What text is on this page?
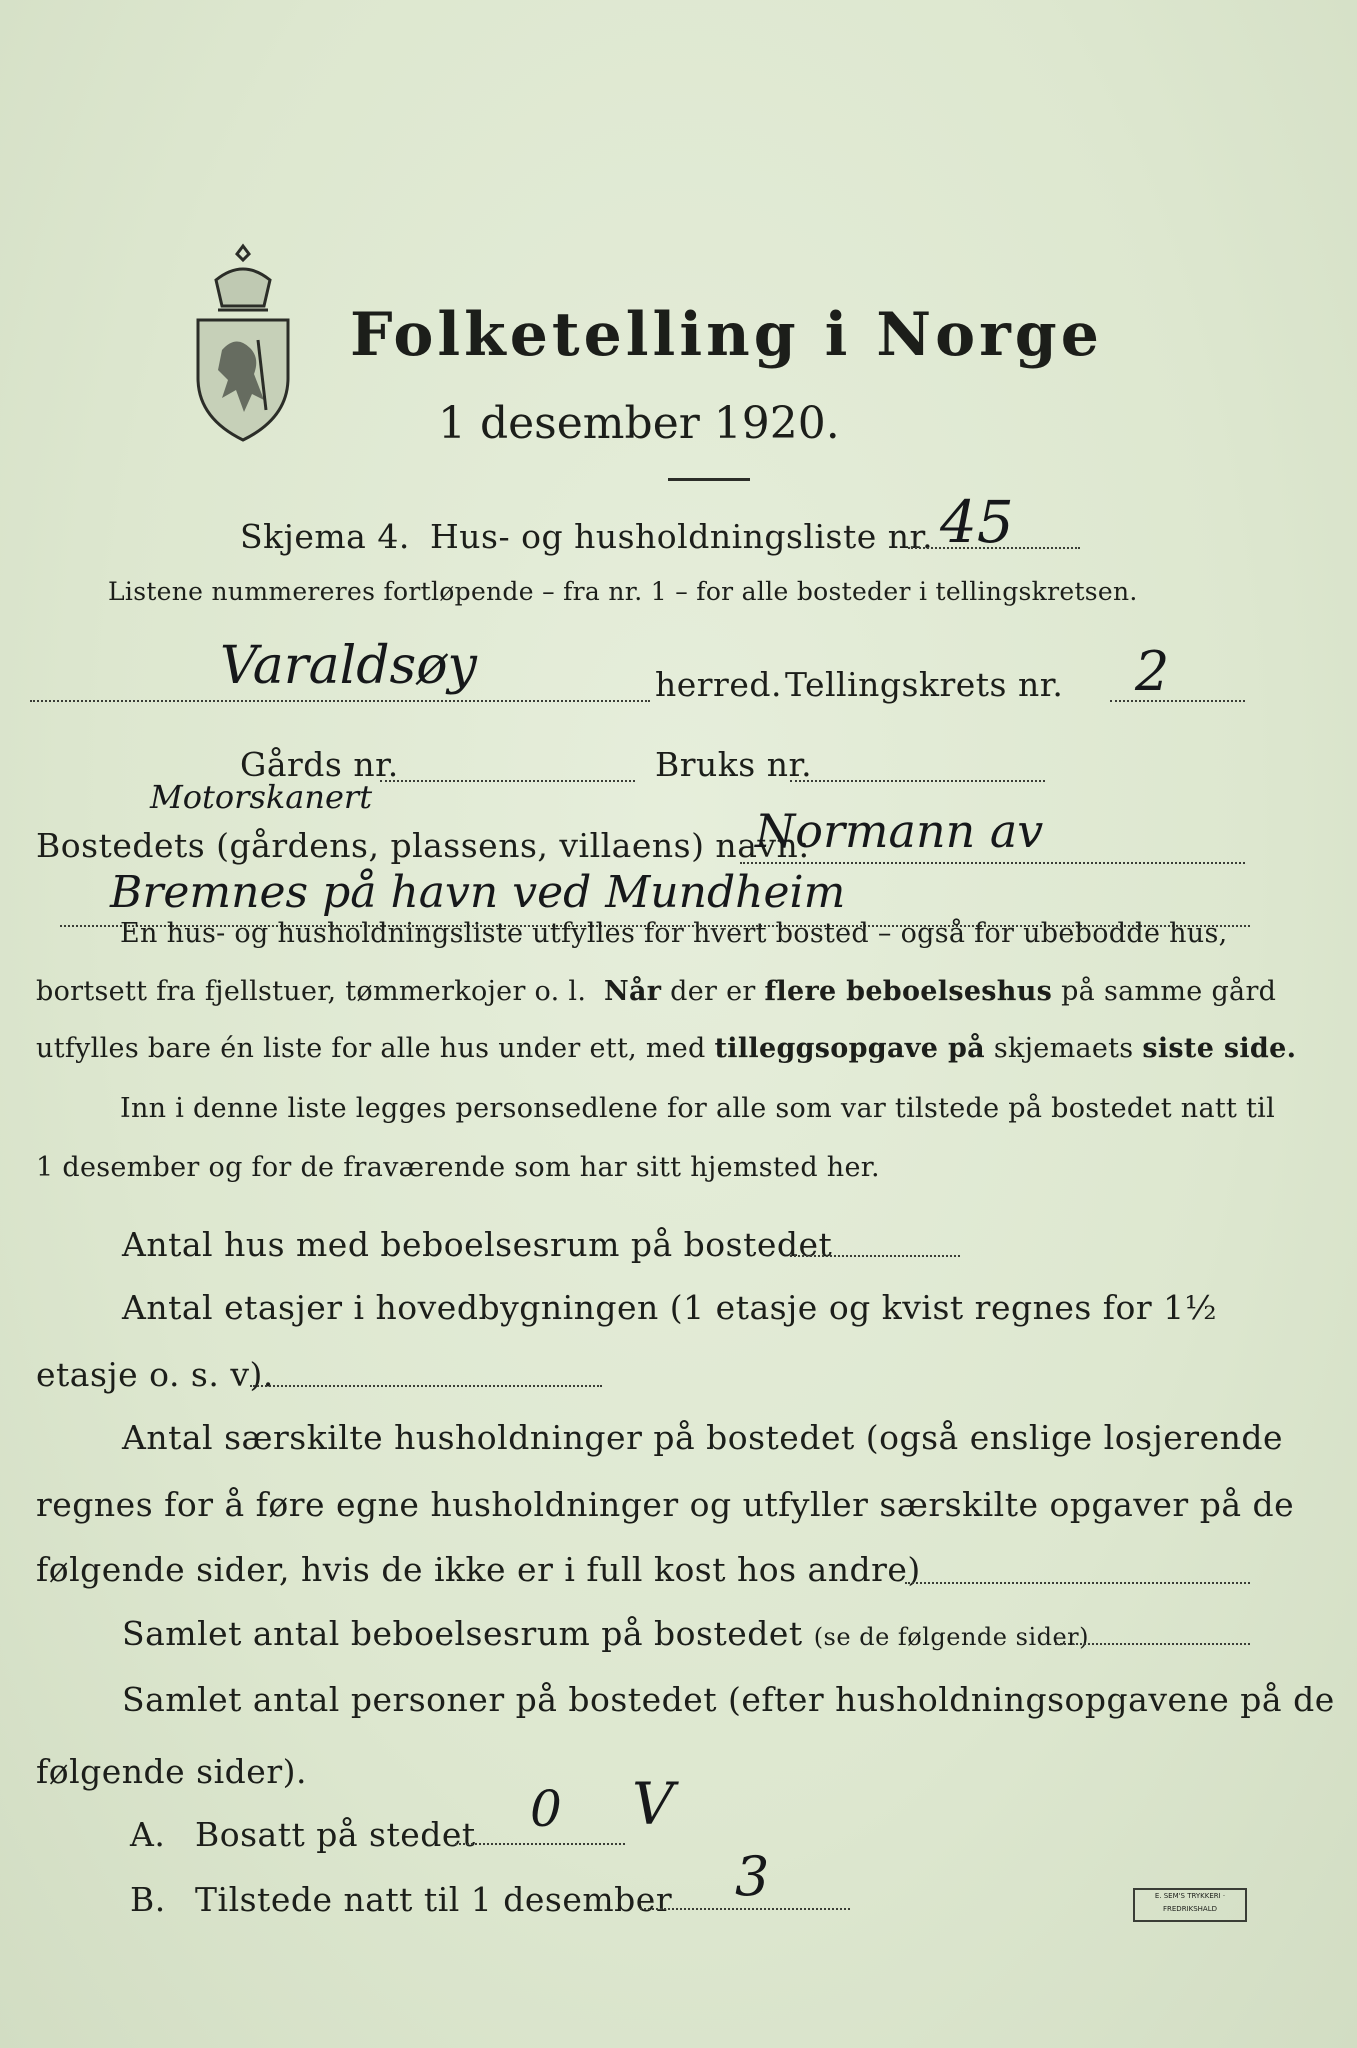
Folketelling i Norge
1 desember 1920.
Skjema 4. Hus- og husholdningsliste nr. 45
Listene nummereres fortløpende – fra nr. 1 – for alle bosteder i tellingskretsen.
Varaldsøy	herred. Tellingskrets nr. 2
Gårds nr.	Bruks nr.
Motorskanert
Bostedets (gårdens, plassens, villaens) navn:
Normann av
Bremnes på havn ved Mundheim
En hus- og husholdningsliste utfylles for hvert bosted – også for ubebodde hus,
bortsett fra fjellstuer, tømmerkojer o. l. Når der er flere beboelseshus på samme gård
utfylles bare én liste for alle hus under ett, med tilleggsopgave på skjemaets siste side.
Inn i denne liste legges personsedlene for alle som var tilstede på bostedet natt til
1 desember og for de fraværende som har sitt hjemsted her.
Antal hus med beboelsesrum på bostedet
Antal etasjer i hovedbygningen (1 etasje og kvist regnes for 1½
etasje o. s. v).
Antal særskilte husholdninger på bostedet (også enslige losjerende
regnes for å føre egne husholdninger og utfyller særskilte opgaver på de
følgende sider, hvis de ikke er i full kost hos andre)
Samlet antal beboelsesrum på bostedet (se de følgende sider)
Samlet antal personer på bostedet (efter husholdningsopgavene på de
følgende sider).
A. Bosatt på stedet 0 V
B. Tilstede natt til 1 desember 3	E. SEM'S TRYKKERI · FREDRIKSHALD
